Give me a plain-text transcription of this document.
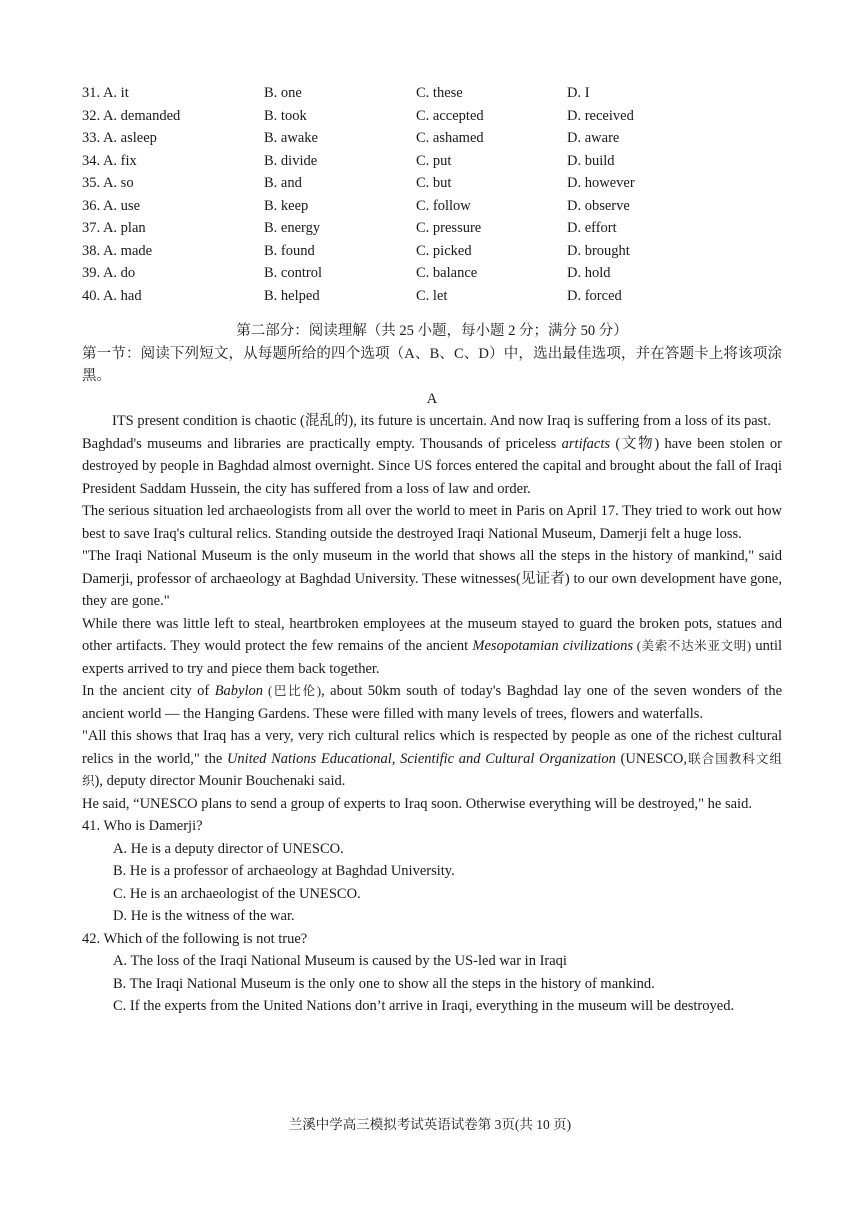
31. A. it	B. one	C. these	D. I
32. A. demanded	B. took	C. accepted	D. received
33. A. asleep	B. awake	C. ashamed	D. aware
34. A. fix	B. divide	C. put	D. build
35. A. so	B. and	C. but	D. however
36. A. use	B. keep	C. follow	D. observe
37. A. plan	B. energy	C. pressure	D. effort
38. A. made	B. found	C. picked	D. brought
39. A. do	B. control	C. balance	D. hold
40. A. had	B. helped	C. let	D. forced
第二部分：阅读理解（共 25 小题，每小题 2 分；满分 50 分）
第一节：阅读下列短文，从每题所给的四个选项（A、B、C、D）中，选出最佳选项，并在答题卡上将该项涂黑。
A

ITS present condition is chaotic (混乱的), its future is uncertain. And now Iraq is suffering from a loss of its past.

Baghdad's museums and libraries are practically empty. Thousands of priceless artifacts (文物) have been stolen or destroyed by people in Baghdad almost overnight. Since US forces entered the capital and brought about the fall of Iraqi President Saddam Hussein, the city has suffered from a loss of law and order.

The serious situation led archaeologists from all over the world to meet in Paris on April 17. They tried to work out how best to save Iraq's cultural relics. Standing outside the destroyed Iraqi National Museum, Damerji felt a huge loss.

"The Iraqi National Museum is the only museum in the world that shows all the steps in the history of mankind," said Damerji, professor of archaeology at Baghdad University. These witnesses(见证者) to our own development have gone, they are gone."

While there was little left to steal, heartbroken employees at the museum stayed to guard the broken pots, statues and other artifacts. They would protect the few remains of the ancient Mesopotamian civilizations (美索不达米亚文明) until experts arrived to try and piece them back together.

In the ancient city of Babylon (巴比伦), about 50km south of today's Baghdad lay one of the seven wonders of the ancient world — the Hanging Gardens. These were filled with many levels of trees, flowers and waterfalls.

"All this shows that Iraq has a very, very rich cultural relics which is respected by people as one of the richest cultural relics in the world," the United Nations Educational, Scientific and Cultural Organization (UNESCO,联合国教科文组织), deputy director Mounir Bouchenaki said.

He said, “UNESCO plans to send a group of experts to Iraq soon. Otherwise everything will be destroyed," he said.

41. Who is Damerji?

A. He is a deputy director of UNESCO.

B. He is a professor of archaeology at Baghdad University.

C. He is an archaeologist of the UNESCO.

D. He is the witness of the war.

42. Which of the following is not true?

A. The loss of the Iraqi National Museum is caused by the US-led war in Iraqi

B. The Iraqi National Museum is the only one to show all the steps in the history of mankind.

C. If the experts from the United Nations don’t arrive in Iraqi, everything in the museum will be destroyed.

兰溪中学高三模拟考试英语试卷第 3页(共 10 页)
